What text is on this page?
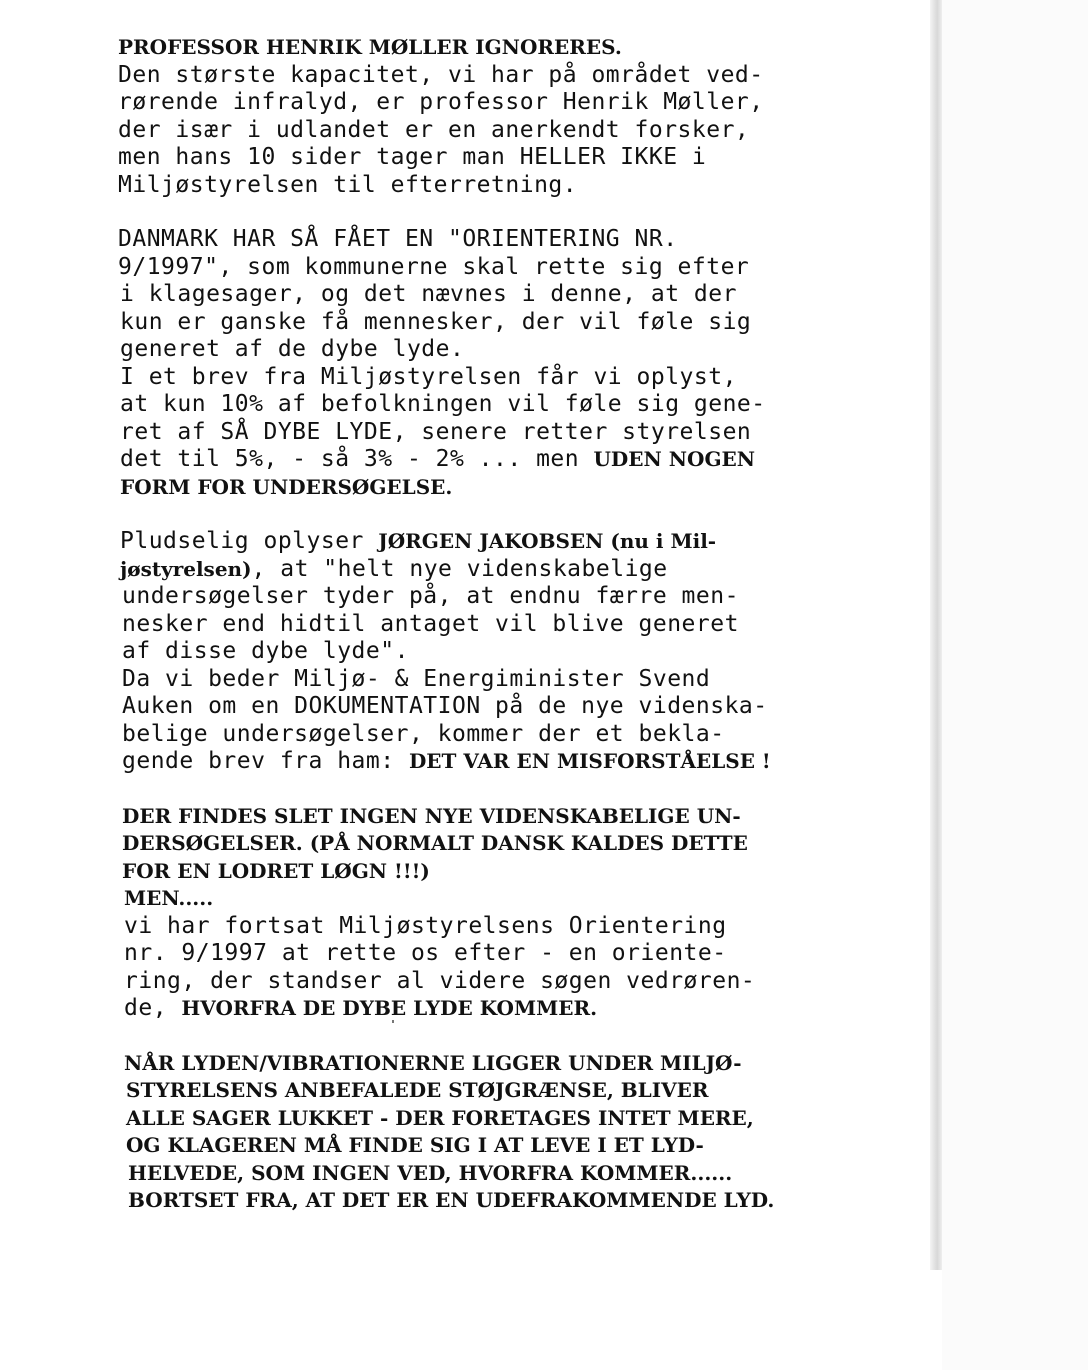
PROFESSOR HENRIK MØLLER IGNORERES.
Den største kapacitet, vi har på området ved-
rørende infralyd, er professor Henrik Møller,
der især i udlandet er en anerkendt forsker,
men hans 10 sider tager man HELLER IKKE i
Miljøstyrelsen til efterretning.
DANMARK HAR SÅ FÅET EN "ORIENTERING NR.
9/1997", som kommunerne skal rette sig efter
i klagesager, og det nævnes i denne, at der
kun er ganske få mennesker, der vil føle sig
generet af de dybe lyde.
I et brev fra Miljøstyrelsen får vi oplyst,
at kun 10% af befolkningen vil føle sig gene-
ret af SÅ DYBE LYDE, senere retter styrelsen
det til 5%, - så 3% - 2% ... men UDEN NOGEN
FORM FOR UNDERSØGELSE.
Pludselig oplyser JØRGEN JAKOBSEN (nu i Mil-
jøstyrelsen), at "helt nye videnskabelige
undersøgelser tyder på, at endnu færre men-
nesker end hidtil antaget vil blive generet
af disse dybe lyde".
Da vi beder Miljø- & Energiminister Svend
Auken om en DOKUMENTATION på de nye videnska-
belige undersøgelser, kommer der et bekla-
gende brev fra ham: DET VAR EN MISFORSTÅELSE !
DER FINDES SLET INGEN NYE VIDENSKABELIGE UN-
DERSØGELSER. (PÅ NORMALT DANSK KALDES DETTE
FOR EN LODRET LØGN !!!)
MEN.....
vi har fortsat Miljøstyrelsens Orientering
nr. 9/1997 at rette os efter - en oriente-
ring, der standser al videre søgen vedrøren-
de, HVORFRA DE DYBE LYDE KOMMER.
NÅR LYDEN/VIBRATIONERNE LIGGER UNDER MILJØ-
STYRELSENS ANBEFALEDE STØJGRÆNSE, BLIVER
ALLE SAGER LUKKET - DER FORETAGES INTET MERE,
OG KLAGEREN MÅ FINDE SIG I AT LEVE I ET LYD-
HELVEDE, SOM INGEN VED, HVORFRA KOMMER......
BORTSET FRA, AT DET ER EN UDEFRAKOMMENDE LYD.
